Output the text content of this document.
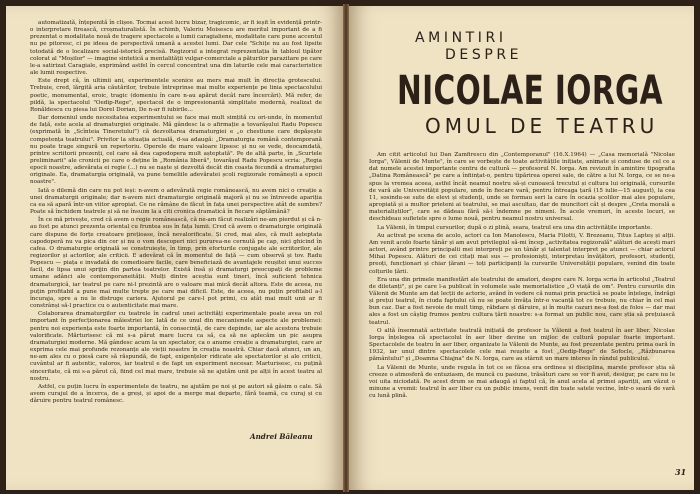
automatizată, înțepenită în clișee. Tocmai acest lucru bizar, tragicomic, ar fi ieșit în evidență printr-o interpretare firească, croșmaturalistă. În schimb, Valeriu Moisescu are meritul important de a fi prezentat o modalitate nouă de tragere spectacole a lumii caragialiene, modalitate care pune accentul nu pe pitoresc, ci pe ideea de perspectivă umană a acestei lumi. Dar cele "Schițe nu au fost lipsite totodată de o localizare social-istorică precisă. Regizorul a integrat reprezentația în tabloul tipător colorat al "Moșilor" — imagine sintetică a mentalității vulgar-comerciale a păturilor parazitare pe care le-a satirizat Caragiale, exprimând astfel în cercul concentrat una din laturile cele mai caracteristice ale lumii respective.

Este drept că, în ultimii ani, experimentele scenice au mers mai mult în direcția grotescului. Trebuie, cred, lărgită aria căutărilor, trebuie întreprinse mai multe experiențe pe linia spectacolului poetic, monumental, eroic, tragic (domeniu în care n-au apărut decât rare încercări). Mă refer, de pildă, la spectacolul "Oedip-Rege", spectacol de o impresionantă simplitate modernă, realizat de Ronăldescu cu piesa lui Dorel Dorian, De n-ar fi iubirile...

Dar domeniul unde necesitatea experimentului se face mai mult simțită cu ori-unde, în momentul de față, este acela al dramaturgiei originale. Mă gândesc la o afirmație a tovarășului Radu Popescu (exprimată în „Scînteia Tineretului") că dezvoltarea dramaturgiei e „o chestiune care depășește competența teatrului". Privitor la situația actuală, d-sa adaugă: „Dramaturgia română contemporană nu poate trage singură un repertoriu. Operele de mare valoare lipsesc și nu se vede, deocamdată, printre scriitorii prezenți, cel care să dea capodopera mult așteptată". Pe de altă parte, în „Scurtele preliminarii" ale cronicii pe care o deține în „România liberă", tovarășul Radu Popescu scria: „Regia epocii noastre, adevărata ei regie (...) nu se naște și dezvoltă decât din coasta fecundă a dramaturgiei originale. Ea, dramaturgia originală, va pune temeliile adevăratei școli regizorale românești a epocii noastre".

Iată o dilemă din care nu pot ieși: n-avem o adevărată regie românească, nu avem nici o creație a unei dramaturgii originale; dar n-avem nici dramaturgie originală majoră și nu se întrevede apariția ca ea să apară într-un viitor apropiat. Ce ne rămâne de făcut în fața unei perspective atât de sumbre? Poate să închidem teatrele și să ne însuim la a citi cronica dramatică în fiecare săptămână?

În ce mă privește, cred că avem o regie românească, că ne-am făcut realizări ne-am pierdut și că n-au fost pe atunci prezenta oriental cu fruntea sus în fața lumii. Cred că avem o dramaturgie originală care dispune de forțe creatoare prețioase, încă nevalorificate. Și cred, mai ales, că mult așteptata capodoperă nu va pica din cer și nu o vom descoperi nici pururea-ne cernută pe cap, nici ghicind în cafea. O dramaturgie originală se construiește, în timp, prin eforturile conjugate ale scriitorilor, ale regizorilor și actorilor, ale criticii. E adevărat că în momentul de față — cum observă și tov. Radu Popescu — piața e invadată de comedioare facile, care beneficiază de avantajele reușitei unui succes facil, de lipsa unui sprijin din partea teatrelor. Există însă și dramaturgi preocupați de probleme umane adânci ale contemporaneității. Mulți dintre aceștia sunt tineri, încă suficient tehnica dramaturgică, iar teatrul pe care ni-l prezintă are o valoare mai mică decât altora. Este de aceea, nu puțin profitabil a pune mai multe trepte pe care mai dificil. Este, de aceea, nu puțin profitabil a-l încuraja, spre a nu le distruge cariera. Ajutorul pe care-l pot primi, cu atât mai mult unii ar fi constrânși să-l practice cu o autenticitate mai mare.

Colaborarea dramaturgilor cu teatrele în cadrul unei activități experimentale poate avea un rol important în perfecționarea măiestriei lor. Iată de ce unul din mecanismele aspecte ale problemei: pentru noi experiența este foarte importantă, în consecință, de care depinde, iar ale acestora trebuie valorificate. Mărturisesc că mi s-a părut mare lucru ca să, ca să ne aplecăm un pic asupra dramaturgiei moderne. Mă gândesc acum la un spectator, ca o anume creație a dramaturgiei, care ar exprima cele mai profunde rezonanțe ale vieții noastre în creația noastră. Chiar dacă atunci, un an, ne-am ales cu o piesă care să răspundă, de fapt, exigențelor ridicate ale spectatorilor și ale criticii, cuvântul ar fi autentic, valoros, iar teatrul e de fapt un experiment necesar. Marturisesc, cu puțină sinceritate, că mi s-a părut că, fiind cel mai mare, trebuie să ne ajutăm unii pe alții în acest teatru al nostru.

Astfel, cu puțin lucru în experimentele de teatru, ne ajutăm pe noi și pe autori să găsim o cale. Să avem curajul de a încerca, de a greși, și apoi de a merge mai departe, fără teamă, cu curaj și cu dăruire pentru teatrul românesc.

Andrei Băleanu
AMINTIRI
DESPRE
NICOLAE IORGA
OMUL DE TEATRU

Am citit articolul lui Dan Zamfirescu din „Contemporanul" (16.X.1964) — „Casa memorială "Nicolae Iorga", Vălenii de Munte", în care se vorbește de toate activitățile inițiate, animate și conduse de cel ce a dat numele acestei importante centru de cultură — profesorul N. Iorga. Am revizuit în amintire tipografia „Datina Românească" pe care a înființat-o, pentru tipărirea operei sale, de către a lui N. Iorga, ce se ne-a spus la vremea aceea, astfel încât neamul nostru să-și cunoască trecutul și cultura lui originală, cursurile de vară ale Universității populare, unde în fiecare vară, pentru întreaga țară (15 iulie—15 august), la cea 11, sosindu-se sute de elevi și studenți, unde se formau seri la care în ocazia școlilor mai ales populare, apropiată și a multor prieteni ai teatrului, se mai ascultau, dar de muncitori cât și despre „Creta morală a materialiștilor", care se dădeau fără să-i îndemne pe nimeni. În acele vremuri, în aceste locuri, se deschideau sufletele spre o lume nouă, pentru neamul nostru universal.

La Vălenii, în timpul cursurilor, după o zi plină, seara, teatrul era una din activitățile importante.

Au activat pe scena de acolo, actori ca Ion Manolescu, Maria Filotti, V. Brezeanu, Titus Lapteș și alții. Am venit acolo foarte tânăr și am avut privilegiul să-mi încep „activitatea regizorală" alături de acești mari actori, având printre principalii mei interpreți pe un tânăr și talentat interpret pe atunci — chiar actorul Mihai Popescu. Alături de cei citați mai sus — profesioniști, interpretau învățători, profesori, studenți, preoți, funcționari și chiar țărani — toți participanți la cursurile Universității populare, venind din toate colțurile țării.

Era una din primele manifestări ale teatrului de amatori, despre care N. Iorga scria în articolul „Teatrul de diletanți", și pe care l-a publicat în volumele sale memorialistice „O viață de om". Pentru cursurile din Vălenii de Munte am dat lecții de actorie, având în vedere că numai prin practică se poate înțelege, îndrăgi și prețui teatrul, în ciuda faptului că nu se poate învăța într-o vacanță tot ce trebuie, nu chiar în cel mai bun caz. Dar a fost nevoie de mult timp, răbdare și dăruire, și în multe cazuri ne-a fost de folos — dar mai ales a fost un câștig frumos pentru cultura țării noastre: s-a format un public nou, care știa să prețuiască teatrul.

O altă însemnată activitate teatrală inițiată de profesor la Vălenii a fost teatrul în aer liber. Nicolae Iorga înțelegea că spectacolul în aer liber devine un mijloc de cultură popular foarte important. Spectacolele de teatru în aer liber, organizate la Vălenii de Munte, au fost prezentate pentru prima oară în 1932, iar unul dintre spectacolele cele mai reușite a fost „Oedip-Rege" de Sofocle, „Răzbunarea pământului" și „Doamna Chiajna" de N. Iorga, care au stârnit un mare interes în rândul publicului.

La Vălenii de Munte, unde regula în tot ce se făcea era ordinea și disciplina, marele profesor știa să creeze o atmosferă de entuziasm, de muncă cu pasiune, trăsături care se vor fi avut, desigur, pe care nu le voi uita niciodată. Pe acest drum se mai adaugă și faptul că, în anul acela al primei apariții, am văzut o minune a vremii: teatrul în aer liber cu un public imens, venit din toate satele vecine, într-o seară de vară cu lună plină.

31
